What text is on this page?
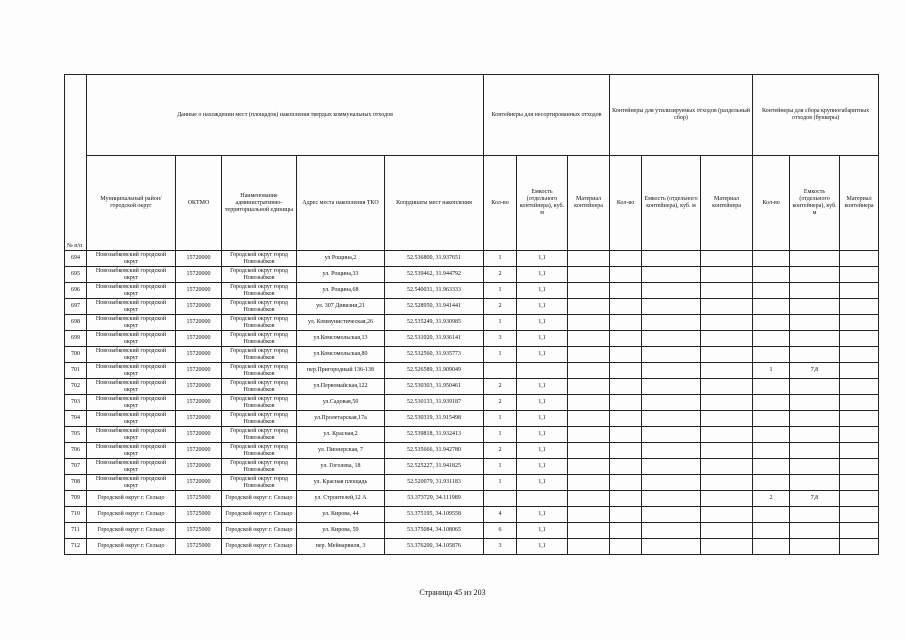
№ п/п	Данные о нахождении мест (площадок) накопления твердых коммунальных отходов					Контейнеры для несортированных отходов			Контейнеры для утилизируемых отходов (раздельный сбор)			Контейнеры для сбора крупногабаритных отходов (бункеры)		
	Муниципальный район/городской округ	ОКТМО	Наименование административно-территориальной единицы	Адрес места накопления ТКО	Координаты мест накопления	Кол-во	Емкость (отдельного контейнера), куб. м	Материал контейнера	Кол-во	Емкость (отдельного контейнера), куб. м	Материал контейнера	Кол-во	Емкость (отдельного контейнера), куб. м	Материал контейнера
694	Новозыбковский городской округ	15720000	Городской округ город Новозыбков	ул Рощина,2	52.536800, 31.937651	1	1,1							
695	Новозыбковский городской округ	15720000	Городской округ город Новозыбков	ул. Рощина,33	52.539462, 31.944792	2	1,1							
696	Новозыбковский городской округ	15720000	Городской округ город Новозыбков	ул. Рощина,68	52.540031, 31.963333	1	1,1							
697	Новозыбковский городской округ	15720000	Городской округ город Новозыбков	ул. 307 Дивизии,21	52.528950, 31.941441	2	1,1							
698	Новозыбковский городской округ	15720000	Городской округ город Новозыбков	ул. Коммунистическая,26	52.535249, 31.930985	1	1,1							
699	Новозыбковский городской округ	15720000	Городской округ город Новозыбков	ул.Комсомольская,13	52.531020, 31.936141	3	1,1							
700	Новозыбковский городской округ	15720000	Городской округ город Новозыбков	ул.Комсомольская,80	52.532560, 31.935773	1	1,1							
701	Новозыбковский городской округ	15720000	Городской округ город Новозыбков	пер.Пригородный 136-138	52.526589, 31.909049							1	7,8	
702	Новозыбковский городской округ	15720000	Городской округ город Новозыбков	ул.Первомайская,122	52.530303, 31.950461	2	1,1							
703	Новозыбковский городской округ	15720000	Городской округ город Новозыбков	ул.Садовая,50	52.530133, 31.939187	2	1,1							
704	Новозыбковский городской округ	15720000	Городской округ город Новозыбков	ул.Пролетарская,17а	52.530319, 31.915498	1	1,1							
705	Новозыбковский городской округ	15720000	Городской округ город Новозыбков	ул. Красная,2	52.539818, 31.932413	1	1,1							
706	Новозыбковский городской округ	15720000	Городской округ город Новозыбков	ул. Пионерская, 7	52.535666, 31.942780	2	1,1							
707	Новозыбковский городской округ	15720000	Городской округ город Новозыбков	ул. Гоголева, 18	52.525227, 31.941825	1	1,1							
708	Новозыбковский городской округ	15720000	Городской округ город Новозыбков	ул. Красная площадь	52.520079, 31.931183	1	1,1							
709	Городской округ г. Сельцо	15725000	Городской округ г. Сельцо	ул. Строителей,12 А	53.373729, 34.111989							2	7,8	
710	Городской округ г. Сельцо	15725000	Городской округ г. Сельцо	ул. Кирова, 44	53.375195, 34.109558	4	1,1							
711	Городской округ г. Сельцо	15725000	Городской округ г. Сельцо	ул. Кирова, 59	53.375084, 34.108065	6	1,1							
712	Городской округ г. Сельцо	15725000	Городской округ г. Сельцо	пер. Мейнарвиля, 3	53.376200, 34.105876	3	1,1							
Страница 45 из 203
